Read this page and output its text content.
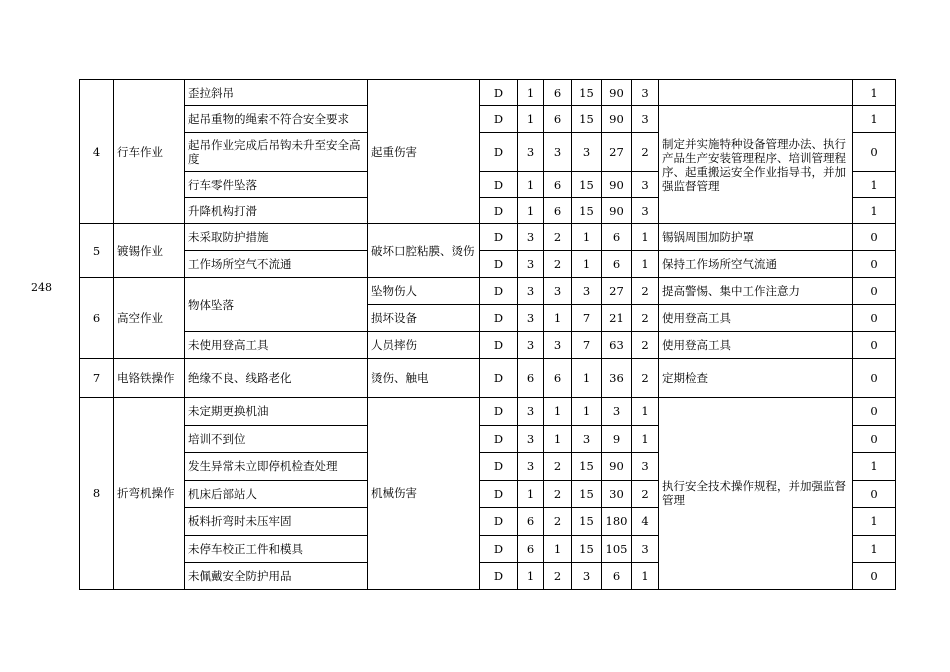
248
4	行车作业	歪拉斜吊	起重伤害	D	1	6	15	90	3		1
		起吊重物的绳索不符合安全要求		D	1	6	15	90	3	制定并实施特种设备管理办法、执行产品生产安装管理程序、培训管理程序、起重搬运安全作业指导书，并加强监督管理	1
		起吊作业完成后吊钩未升至安全高度		D	3	3	3	27	2		0
		行车零件坠落		D	1	6	15	90	3		1
		升降机构打滑		D	1	6	15	90	3		1
5	镀锡作业	未采取防护措施	破坏口腔粘膜、烫伤	D	3	2	1	6	1	锡锅周围加防护罩	0
		工作场所空气不流通		D	3	2	1	6	1	保持工作场所空气流通	0
6	高空作业	物体坠落	坠物伤人	D	3	3	3	27	2	提高警惕、集中工作注意力	0
			损坏设备	D	3	1	7	21	2	使用登高工具	0
		未使用登高工具	人员摔伤	D	3	3	7	63	2	使用登高工具	0
7	电铬铁操作	绝缘不良、线路老化	烫伤、触电	D	6	6	1	36	2	定期检查	0
8	折弯机操作	未定期更换机油	机械伤害	D	3	1	1	3	1	执行安全技术操作规程，并加强监督管理	0
		培训不到位		D	3	1	3	9	1		0
		发生异常未立即停机检查处理		D	3	2	15	90	3		1
		机床后部站人		D	1	2	15	30	2		0
		板料折弯时未压牢固		D	6	2	15	180	4		1
		未停车校正工件和模具		D	6	1	15	105	3		1
		未佩戴安全防护用品		D	1	2	3	6	1		0
